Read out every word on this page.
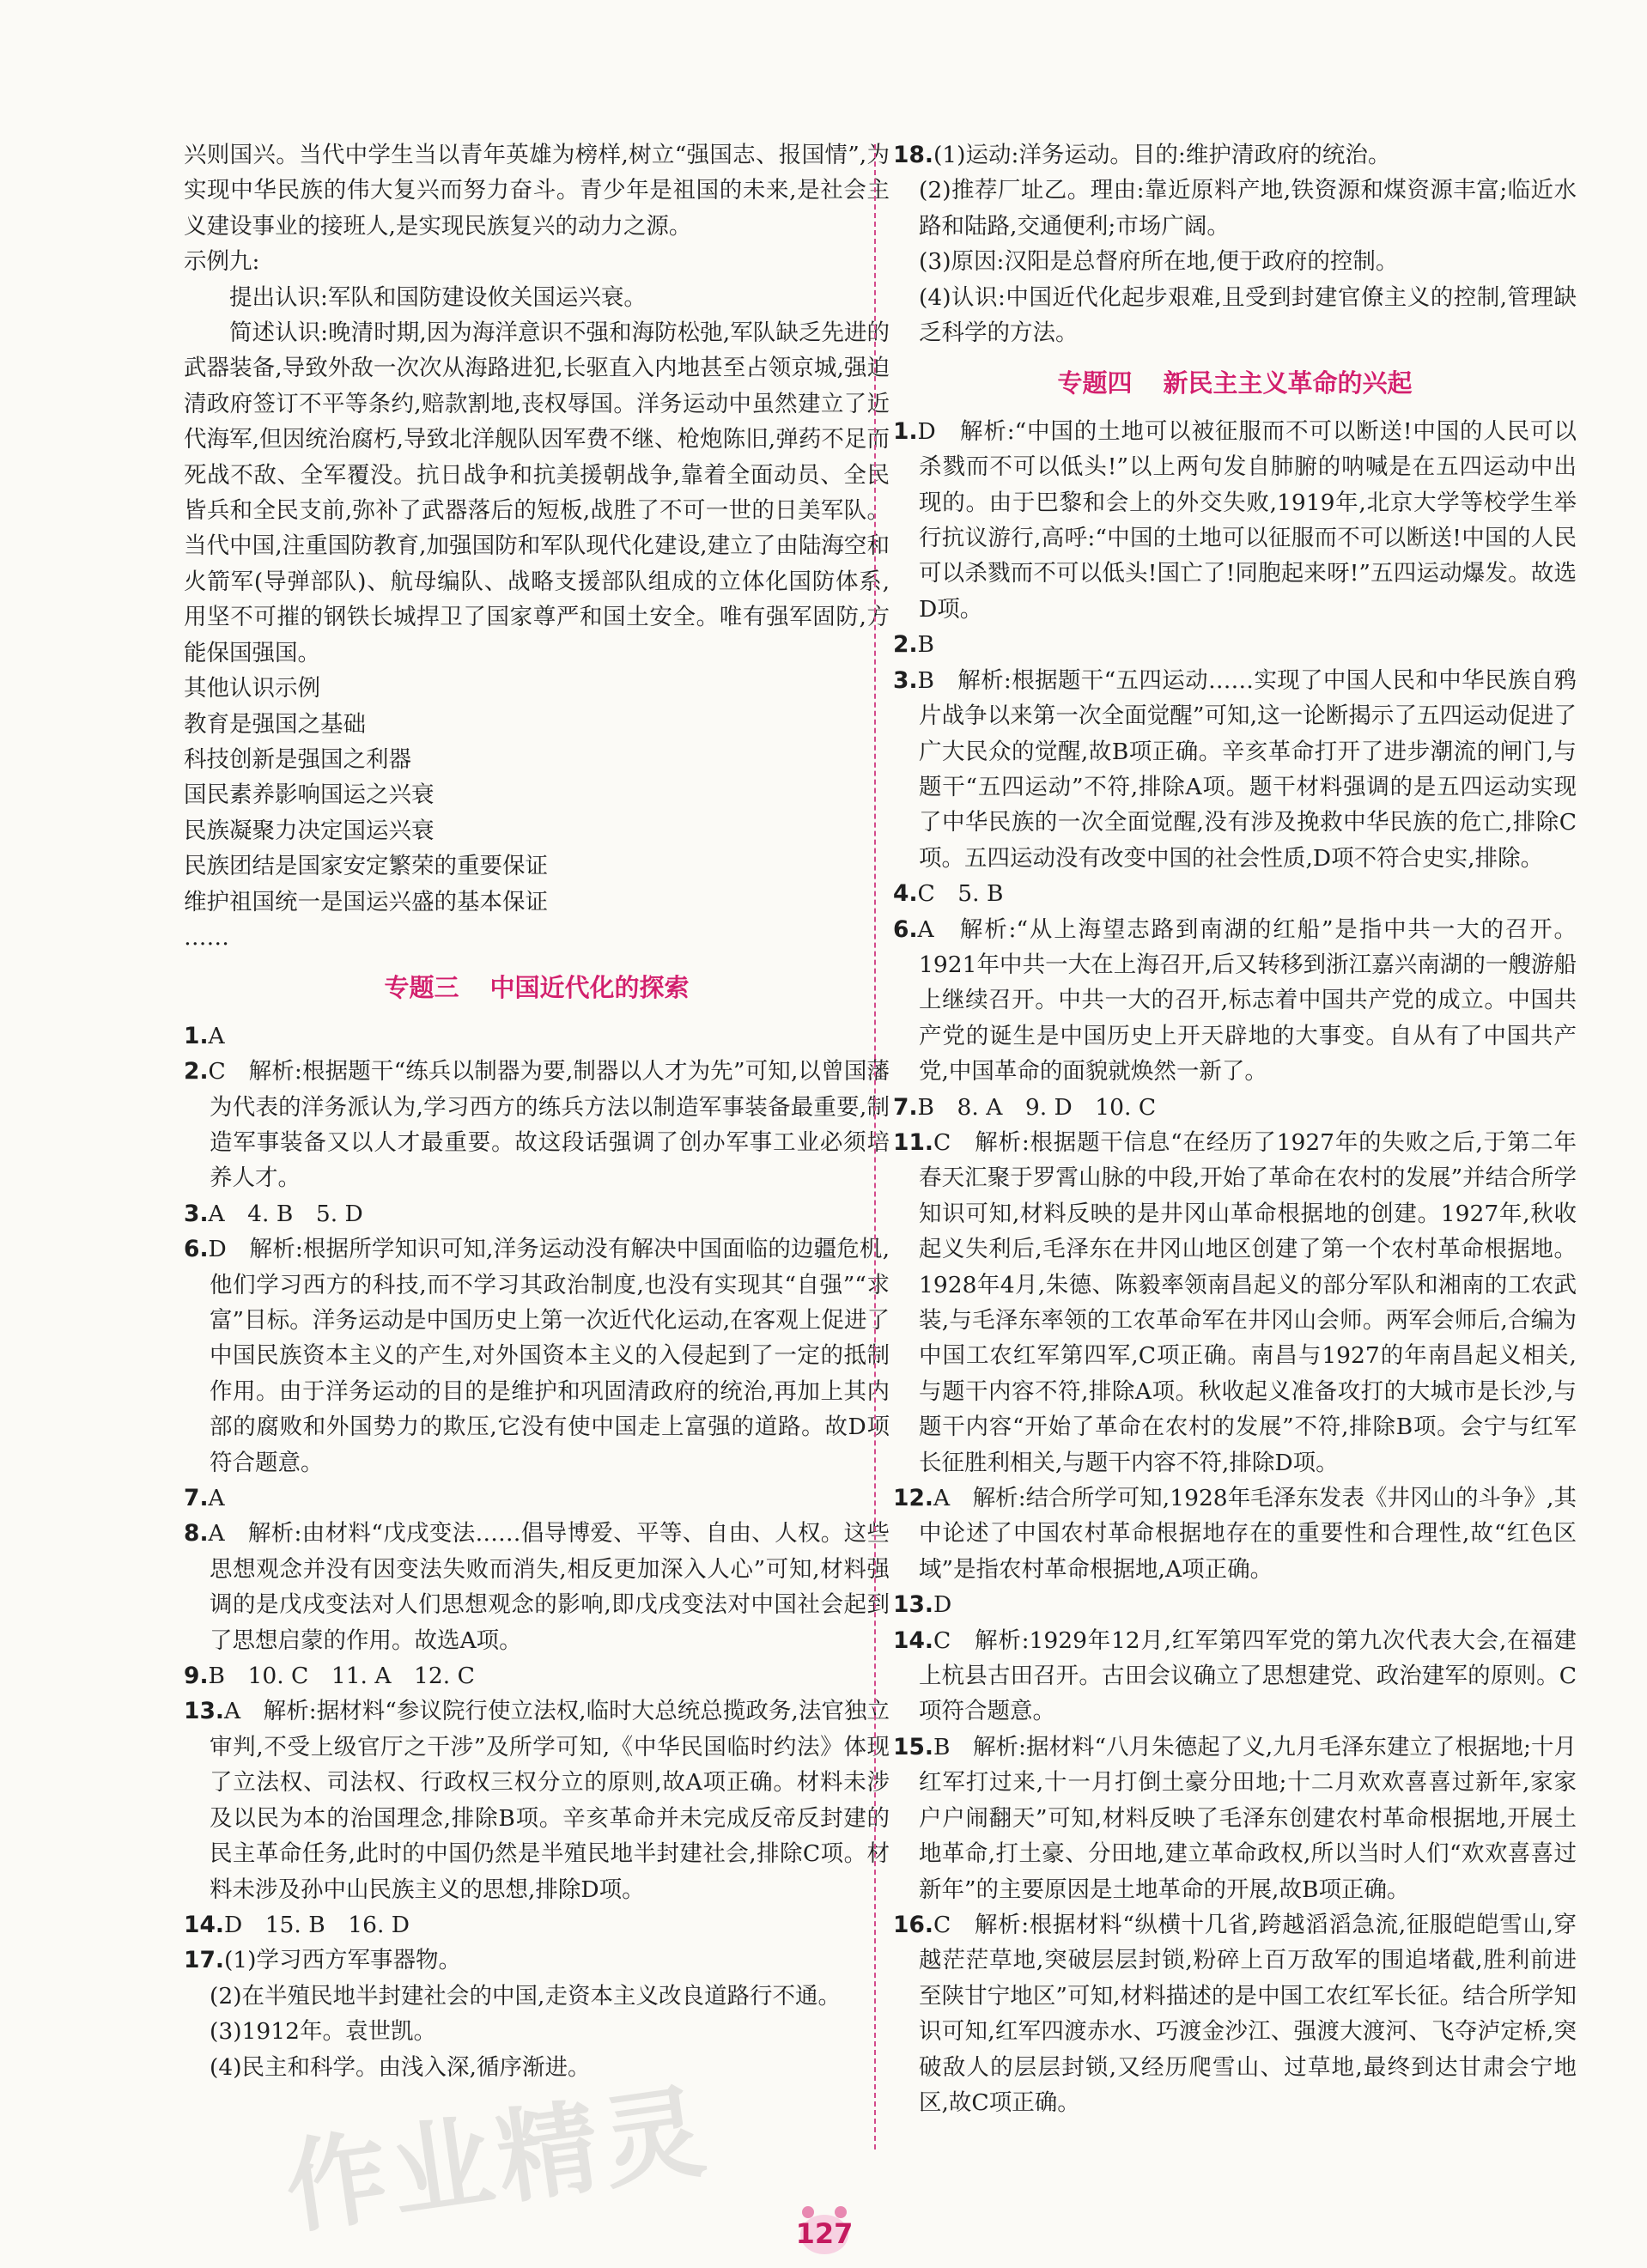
兴则国兴。当代中学生当以青年英雄为榜样,树立“强国志、报国情”,为实现中华民族的伟大复兴而努力奋斗。青少年是祖国的未来,是社会主义建设事业的接班人,是实现民族复兴的动力之源。

示例九:

提出认识:军队和国防建设攸关国运兴衰。

简述认识:晚清时期,因为海洋意识不强和海防松弛,军队缺乏先进的武器装备,导致外敌一次次从海路进犯,长驱直入内地甚至占领京城,强迫清政府签订不平等条约,赔款割地,丧权辱国。洋务运动中虽然建立了近代海军,但因统治腐朽,导致北洋舰队因军费不继、枪炮陈旧,弹药不足而死战不敌、全军覆没。抗日战争和抗美援朝战争,靠着全面动员、全民皆兵和全民支前,弥补了武器落后的短板,战胜了不可一世的日美军队。当代中国,注重国防教育,加强国防和军队现代化建设,建立了由陆海空和火箭军(导弹部队)、航母编队、战略支援部队组成的立体化国防体系,用坚不可摧的钢铁长城捍卫了国家尊严和国土安全。唯有强军固防,方能保国强国。

其他认识示例

教育是强国之基础

科技创新是强国之利器

国民素养影响国运之兴衰

民族凝聚力决定国运兴衰

民族团结是国家安定繁荣的重要保证

维护祖国统一是国运兴盛的基本保证

……

专题三 中国近代化的探索

1.A

2.C　解析:根据题干“练兵以制器为要,制器以人才为先”可知,以曾国藩为代表的洋务派认为,学习西方的练兵方法以制造军事装备最重要,制造军事装备又以人才最重要。故这段话强调了创办军事工业必须培养人才。

3.A　4. B　5. D

6.D　解析:根据所学知识可知,洋务运动没有解决中国面临的边疆危机,他们学习西方的科技,而不学习其政治制度,也没有实现其“自强”“求富”目标。洋务运动是中国历史上第一次近代化运动,在客观上促进了中国民族资本主义的产生,对外国资本主义的入侵起到了一定的抵制作用。由于洋务运动的目的是维护和巩固清政府的统治,再加上其内部的腐败和外国势力的欺压,它没有使中国走上富强的道路。故D项符合题意。

7.A

8.A　解析:由材料“戊戌变法……倡导博爱、平等、自由、人权。这些思想观念并没有因变法失败而消失,相反更加深入人心”可知,材料强调的是戊戌变法对人们思想观念的影响,即戊戌变法对中国社会起到了思想启蒙的作用。故选A项。

9.B　10. C　11. A　12. C

13.A　解析:据材料“参议院行使立法权,临时大总统总揽政务,法官独立审判,不受上级官厅之干涉”及所学可知,《中华民国临时约法》体现了立法权、司法权、行政权三权分立的原则,故A项正确。材料未涉及以民为本的治国理念,排除B项。辛亥革命并未完成反帝反封建的民主革命任务,此时的中国仍然是半殖民地半封建社会,排除C项。材料未涉及孙中山民族主义的思想,排除D项。

14.D　15. B　16. D

17.(1)学习西方军事器物。

(2)在半殖民地半封建社会的中国,走资本主义改良道路行不通。

(3)1912年。袁世凯。

(4)民主和科学。由浅入深,循序渐进。

18.(1)运动:洋务运动。目的:维护清政府的统治。

(2)推荐厂址乙。理由:靠近原料产地,铁资源和煤资源丰富;临近水路和陆路,交通便利;市场广阔。

(3)原因:汉阳是总督府所在地,便于政府的控制。

(4)认识:中国近代化起步艰难,且受到封建官僚主义的控制,管理缺乏科学的方法。

专题四 新民主主义革命的兴起

1.D　解析:“中国的土地可以被征服而不可以断送!中国的人民可以杀戮而不可以低头!”以上两句发自肺腑的呐喊是在五四运动中出现的。由于巴黎和会上的外交失败,1919年,北京大学等校学生举行抗议游行,高呼:“中国的土地可以征服而不可以断送!中国的人民可以杀戮而不可以低头!国亡了!同胞起来呀!”五四运动爆发。故选D项。

2.B

3.B　解析:根据题干“五四运动……实现了中国人民和中华民族自鸦片战争以来第一次全面觉醒”可知,这一论断揭示了五四运动促进了广大民众的觉醒,故B项正确。辛亥革命打开了进步潮流的闸门,与题干“五四运动”不符,排除A项。题干材料强调的是五四运动实现了中华民族的一次全面觉醒,没有涉及挽救中华民族的危亡,排除C项。五四运动没有改变中国的社会性质,D项不符合史实,排除。

4.C　5. B

6.A　解析:“从上海望志路到南湖的红船”是指中共一大的召开。1921年中共一大在上海召开,后又转移到浙江嘉兴南湖的一艘游船上继续召开。中共一大的召开,标志着中国共产党的成立。中国共产党的诞生是中国历史上开天辟地的大事变。自从有了中国共产党,中国革命的面貌就焕然一新了。

7.B　8. A　9. D　10. C

11.C　解析:根据题干信息“在经历了1927年的失败之后,于第二年春天汇聚于罗霄山脉的中段,开始了革命在农村的发展”并结合所学知识可知,材料反映的是井冈山革命根据地的创建。1927年,秋收起义失利后,毛泽东在井冈山地区创建了第一个农村革命根据地。1928年4月,朱德、陈毅率领南昌起义的部分军队和湘南的工农武装,与毛泽东率领的工农革命军在井冈山会师。两军会师后,合编为中国工农红军第四军,C项正确。南昌与1927的年南昌起义相关,与题干内容不符,排除A项。秋收起义准备攻打的大城市是长沙,与题干内容“开始了革命在农村的发展”不符,排除B项。会宁与红军长征胜利相关,与题干内容不符,排除D项。

12.A　解析:结合所学可知,1928年毛泽东发表《井冈山的斗争》,其中论述了中国农村革命根据地存在的重要性和合理性,故“红色区域”是指农村革命根据地,A项正确。

13.D

14.C　解析:1929年12月,红军第四军党的第九次代表大会,在福建上杭县古田召开。古田会议确立了思想建党、政治建军的原则。C项符合题意。

15.B　解析:据材料“八月朱德起了义,九月毛泽东建立了根据地;十月红军打过来,十一月打倒土豪分田地;十二月欢欢喜喜过新年,家家户户闹翻天”可知,材料反映了毛泽东创建农村革命根据地,开展土地革命,打土豪、分田地,建立革命政权,所以当时人们“欢欢喜喜过新年”的主要原因是土地革命的开展,故B项正确。

16.C　解析:根据材料“纵横十几省,跨越滔滔急流,征服皑皑雪山,穿越茫茫草地,突破层层封锁,粉碎上百万敌军的围追堵截,胜利前进至陕甘宁地区”可知,材料描述的是中国工农红军长征。结合所学知识可知,红军四渡赤水、巧渡金沙江、强渡大渡河、飞夺泸定桥,突破敌人的层层封锁,又经历爬雪山、过草地,最终到达甘肃会宁地区,故C项正确。

作业精灵	127
